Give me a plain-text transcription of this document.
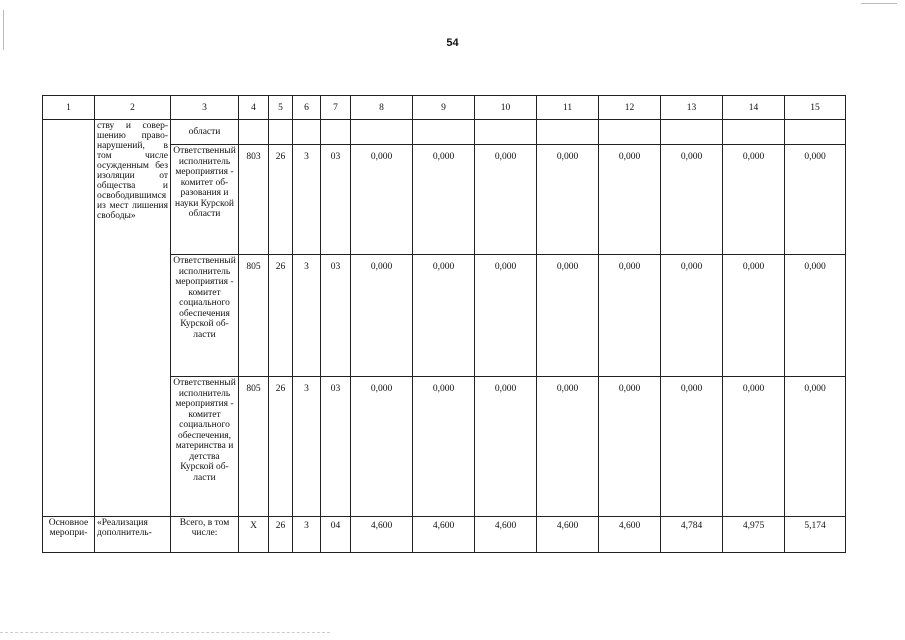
54
1	2	3	4	5	6	7	8	9	10	11	12	13	14	15
	ству и совершению правонарушений, в том числе осужденным без изоляции от общества и освободившимся из мест лишения свободы»	области												
		Ответственный исполнитель мероприятия - комитет образования и науки Курской области	803	26	3	03	0,000	0,000	0,000	0,000	0,000	0,000	0,000	0,000
		Ответственный исполнитель мероприятия - комитет социального обеспечения Курской области	805	26	3	03	0,000	0,000	0,000	0,000	0,000	0,000	0,000	0,000
		Ответственный исполнитель мероприятия - комитет социального обеспечения, материнства и детства Курской области	805	26	3	03	0,000	0,000	0,000	0,000	0,000	0,000	0,000	0,000
Основное меропри-	«Реализация дополнитель-	Всего, в том числе:	X	26	3	04	4,600	4,600	4,600	4,600	4,600	4,784	4,975	5,174
